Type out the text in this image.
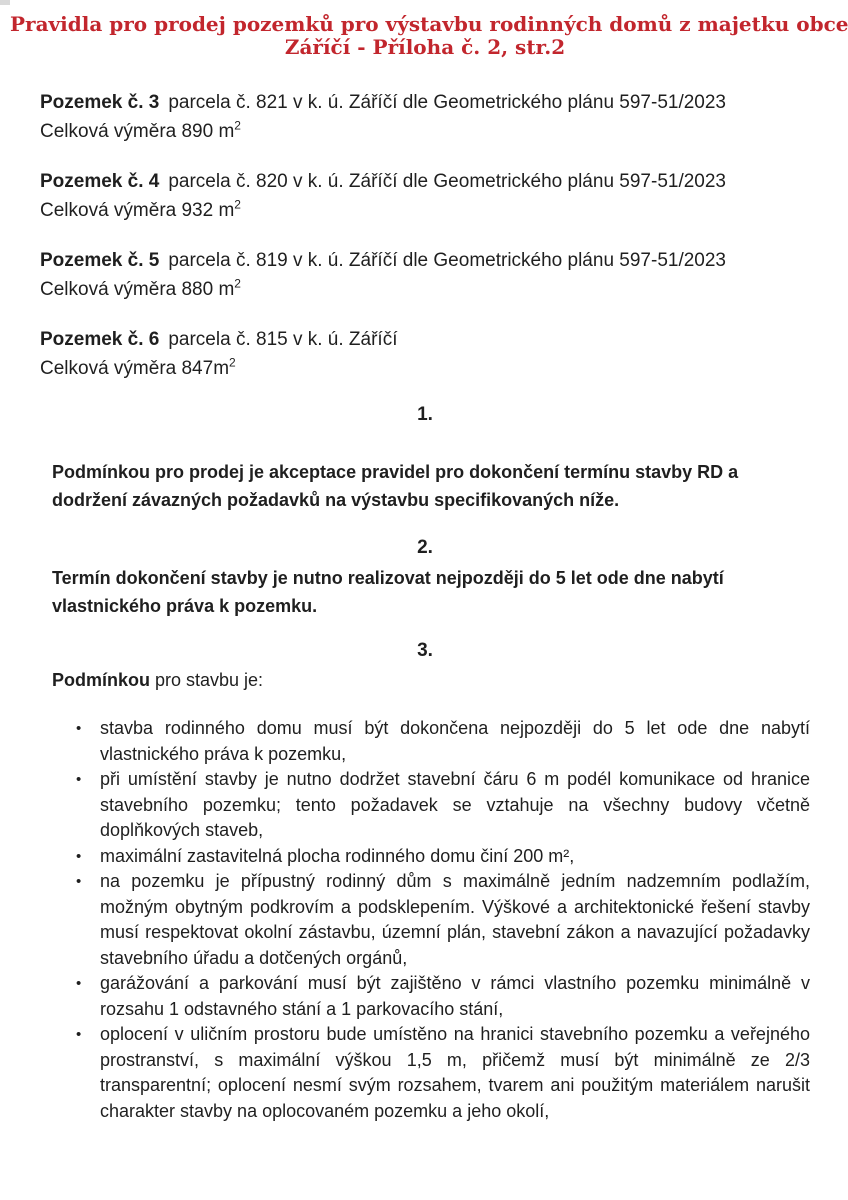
Pravidla pro prodej pozemků pro výstavbu rodinných domů z majetku obce
Záříčí - Příloha č. 2, str.2

Pozemek č. 3 parcela č. 821 v k. ú. Záříčí dle Geometrického plánu 597-51/2023

Celková výměra 890 $m^2$

Pozemek č. 4 parcela č. 820 v k. ú. Záříčí dle Geometrického plánu 597-51/2023

Celková výměra 932 $m^2$

Pozemek č. 5 parcela č. 819 v k. ú. Záříčí dle Geometrického plánu 597-51/2023

Celková výměra 880 $m^2$

Pozemek č. 6 parcela č. 815 v k. ú. Záříčí

Celková výměra $847m^2$

1.

Podmínkou pro prodej je akceptace pravidel pro dokončení termínu stavby RD a dodržení závazných požadavků na výstavbu specifikovaných níže.

2.

Termín dokončení stavby je nutno realizovat nejpozději do 5 let ode dne nabytí vlastnického práva k pozemku.

3.

Podmínkou pro stavbu je:

• stavba rodinného domu musí být dokončena nejpozději do 5 let ode dne nabytí vlastnického práva k pozemku,
• při umístění stavby je nutno dodržet stavební čáru 6 m podél komunikace od hranice stavebního pozemku; tento požadavek se vztahuje na všechny budovy včetně doplňkových staveb,
• maximální zastavitelná plocha rodinného domu činí 200 m²,
• na pozemku je přípustný rodinný dům s maximálně jedním nadzemním podlažím, možným obytným podkrovím a podsklepením. Výškové a architektonické řešení stavby musí respektovat okolní zástavbu, územní plán, stavební zákon a navazující požadavky stavebního úřadu a dotčených orgánů,
• garážování a parkování musí být zajištěno v rámci vlastního pozemku minimálně v rozsahu 1 odstavného stání a 1 parkovacího stání,
• oplocení v uličním prostoru bude umístěno na hranici stavebního pozemku a veřejného prostranství, s maximální výškou 1,5 m, přičemž musí být minimálně ze 2/3 transparentní; oplocení nesmí svým rozsahem, tvarem ani použitým materiálem narušit charakter stavby na oplocovaném pozemku a jeho okolí,
